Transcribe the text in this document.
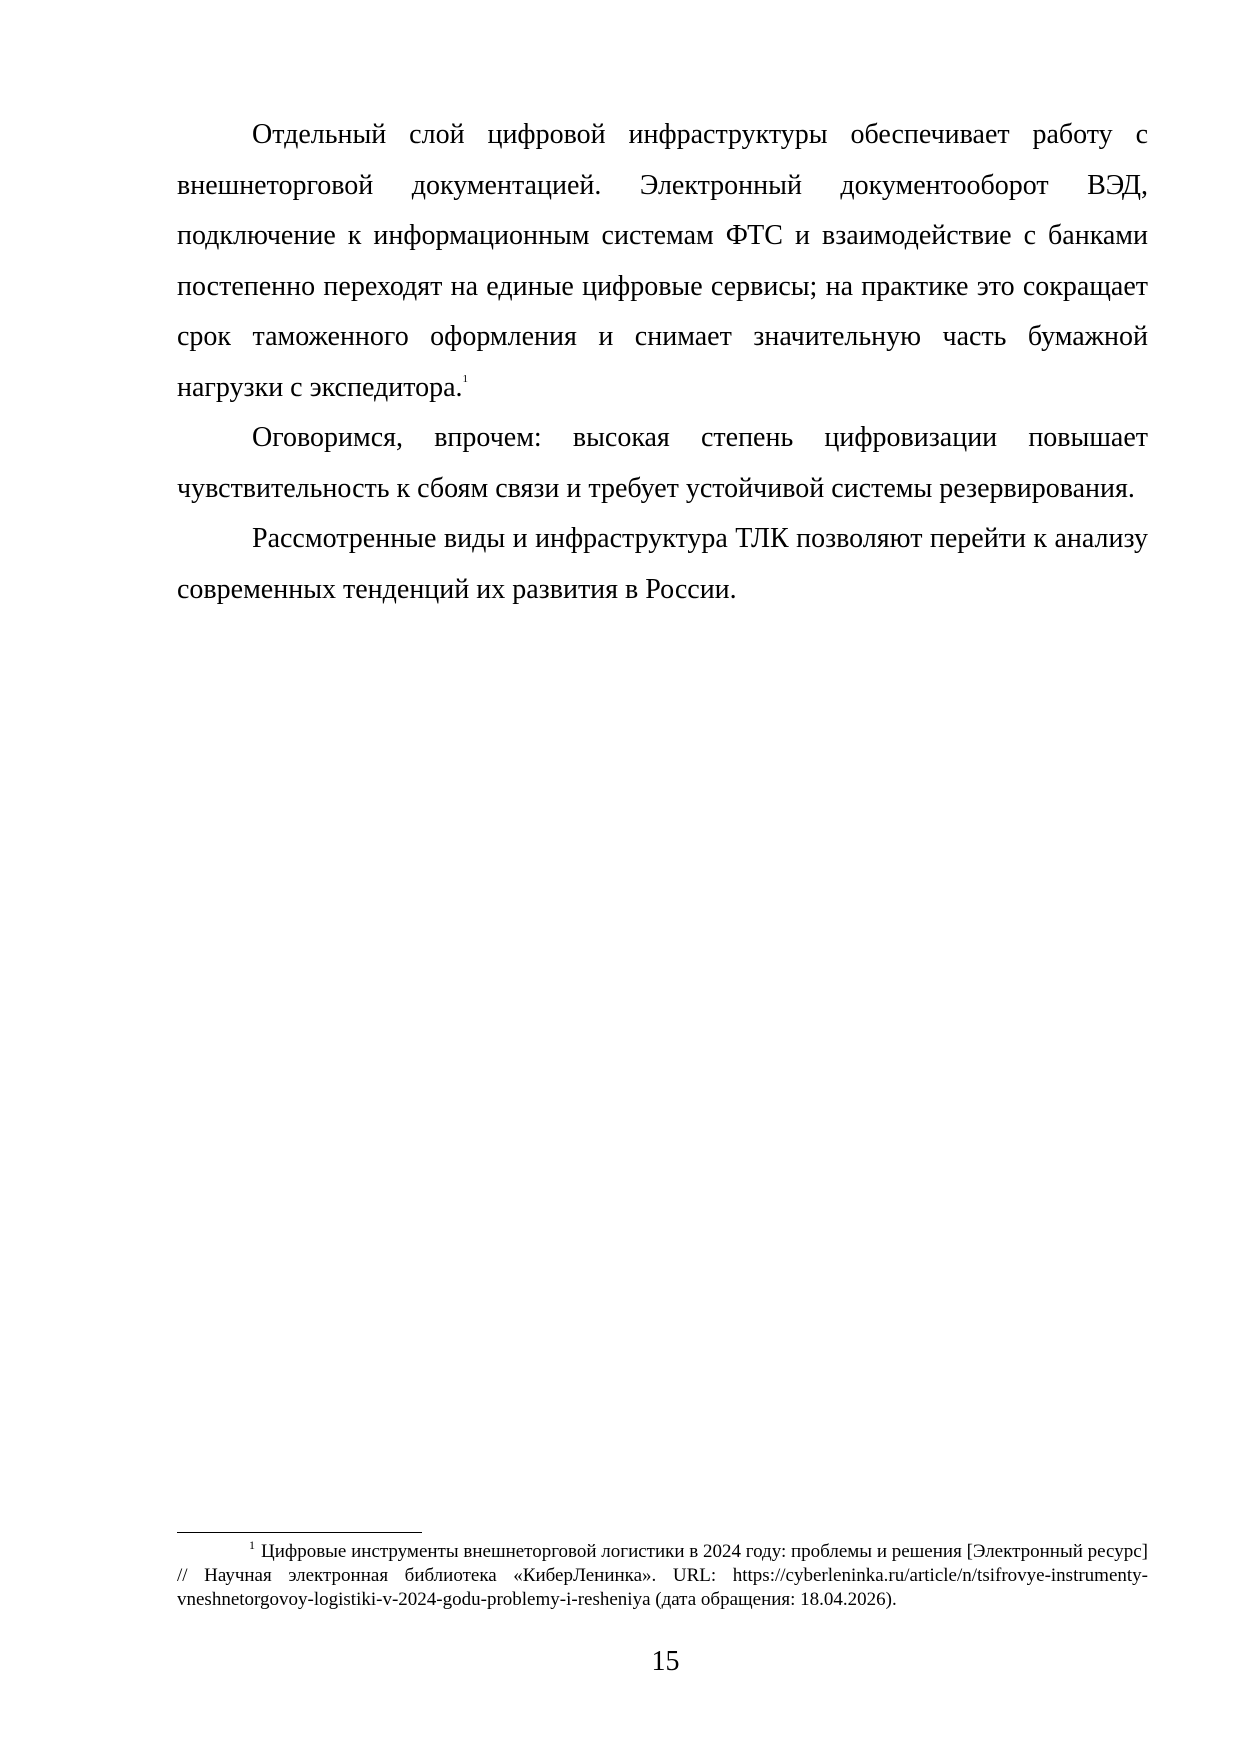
Отдельный слой цифровой инфраструктуры обеспечивает работу с внешнеторговой документацией. Электронный документооборот ВЭД, подключение к информационным системам ФТС и взаимодействие с банками постепенно переходят на единые цифровые сервисы; на практике это сокращает срок таможенного оформления и снимает значительную часть бумажной нагрузки с экспедитора.$^1$

Оговоримся, впрочем: высокая степень цифровизации повышает чувствительность к сбоям связи и требует устойчивой системы резервирования.

Рассмотренные виды и инфраструктура ТЛК позволяют перейти к анализу современных тенденций их развития в России.

$^1$ Цифровые инструменты внешнеторговой логистики в 2024 году: проблемы и решения [Электронный ресурс] // Научная электронная библиотека «КиберЛенинка». URL: https://cyberleninka.ru/article/n/tsifrovye-instrumenty-vneshnetorgovoy-logistiki-v-2024-godu-problemy-i-resheniya (дата обращения: 18.04.2026).

15
